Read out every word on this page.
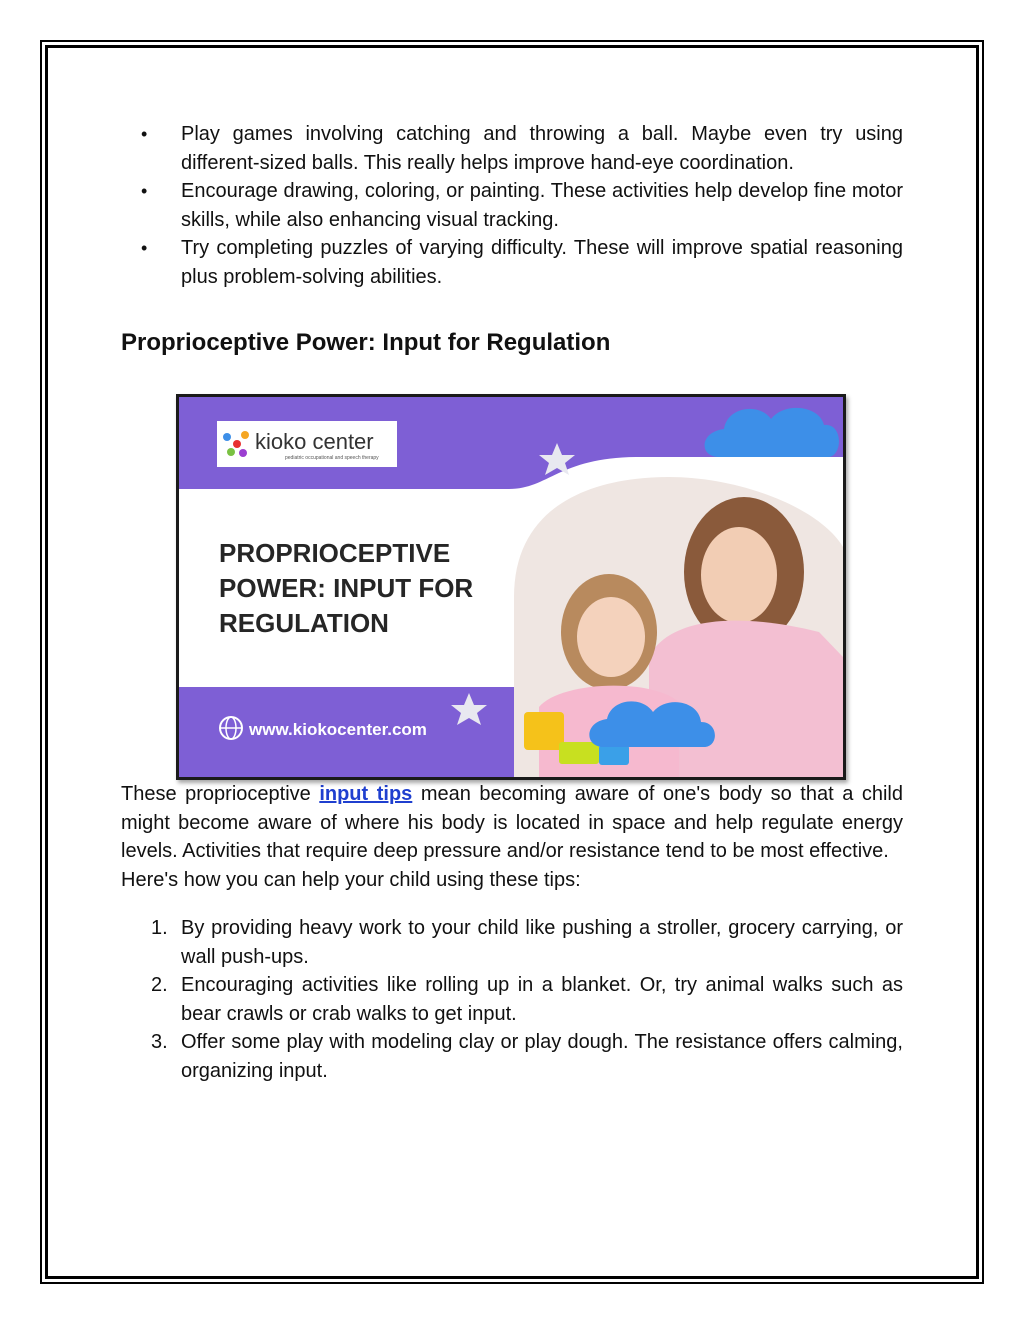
• Play games involving catching and throwing a ball. Maybe even try using different-sized balls. This really helps improve hand-eye coordination.
• Encourage drawing, coloring, or painting. These activities help develop fine motor skills, while also enhancing visual tracking.
• Try completing puzzles of varying difficulty. These will improve spatial reasoning plus problem-solving abilities.
Proprioceptive Power: Input for Regulation
kioko center
pediatric occupational and speech therapy
PROPRIOCEPTIVE
POWER: INPUT FOR
REGULATION
www.kiokocenter.com

These proprioceptive input tips mean becoming aware of one's body so that a child might become aware of where his body is located in space and help regulate energy levels. Activities that require deep pressure and/or resistance tend to be most effective.

Here's how you can help your child using these tips:

1. By providing heavy work to your child like pushing a stroller, grocery carrying, or wall push-ups.
2. Encouraging activities like rolling up in a blanket. Or, try animal walks such as bear crawls or crab walks to get input.
3. Offer some play with modeling clay or play dough. The resistance offers calming, organizing input.
